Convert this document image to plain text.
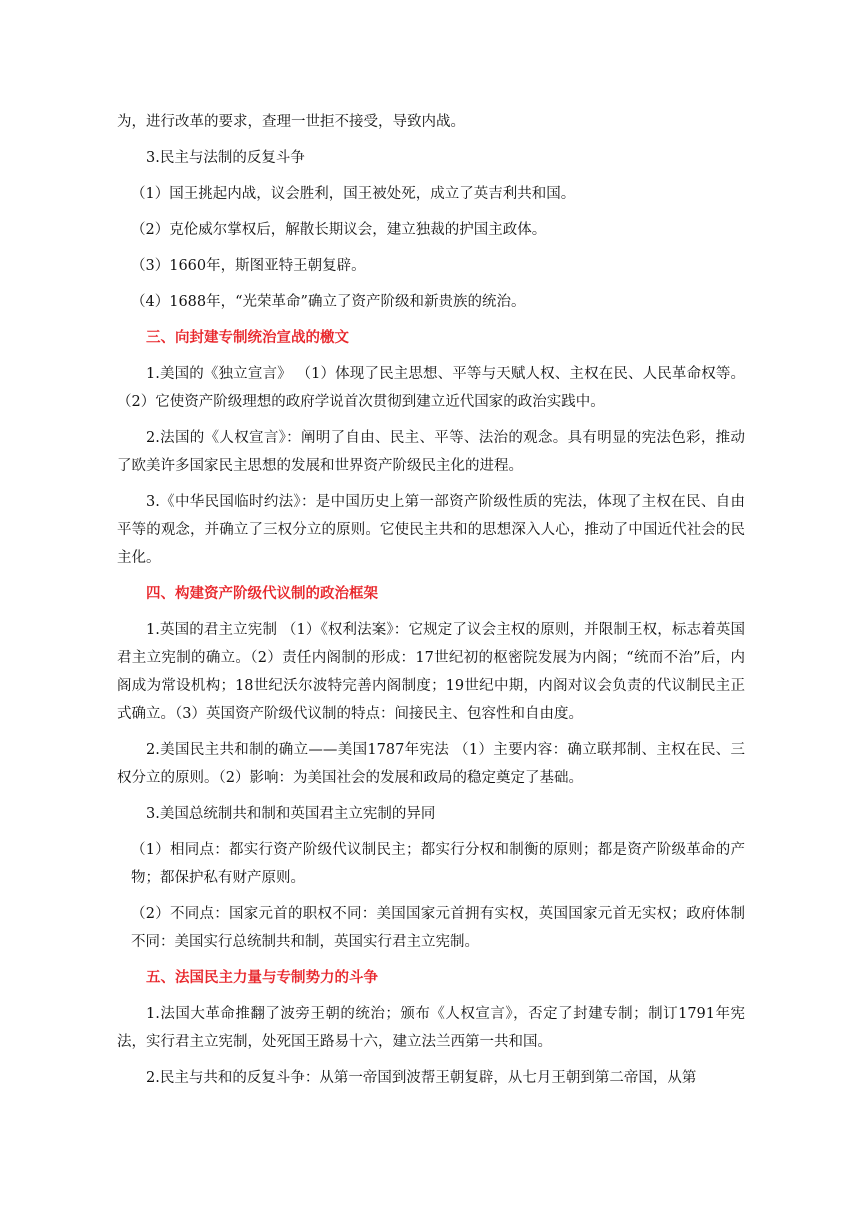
为，进行改革的要求，查理一世拒不接受，导致内战。

3.民主与法制的反复斗争

（1）国王挑起内战，议会胜利，国王被处死，成立了英吉利共和国。

（2）克伦威尔掌权后，解散长期议会，建立独裁的护国主政体。

（3）1660年，斯图亚特王朝复辟。

（4）1688年，“光荣革命”确立了资产阶级和新贵族的统治。

三、向封建专制统治宣战的檄文

1.美国的《独立宣言》 （1）体现了民主思想、平等与天赋人权、主权在民、人民革命权等。（2）它使资产阶级理想的政府学说首次贯彻到建立近代国家的政治实践中。

2.法国的《人权宣言》：阐明了自由、民主、平等、法治的观念。具有明显的宪法色彩，推动了欧美许多国家民主思想的发展和世界资产阶级民主化的进程。

3.《中华民国临时约法》：是中国历史上第一部资产阶级性质的宪法，体现了主权在民、自由平等的观念，并确立了三权分立的原则。它使民主共和的思想深入人心，推动了中国近代社会的民主化。

四、构建资产阶级代议制的政治框架

1.英国的君主立宪制 （1）《权利法案》：它规定了议会主权的原则，并限制王权，标志着英国君主立宪制的确立。（2）责任内阁制的形成：17世纪初的枢密院发展为内阁；“统而不治”后，内阁成为常设机构；18世纪沃尔波特完善内阁制度；19世纪中期，内阁对议会负责的代议制民主正式确立。（3）英国资产阶级代议制的特点：间接民主、包容性和自由度。

2.美国民主共和制的确立——美国1787年宪法 （1）主要内容：确立联邦制、主权在民、三权分立的原则。（2）影响：为美国社会的发展和政局的稳定奠定了基础。

3.美国总统制共和制和英国君主立宪制的异同

（1）相同点：都实行资产阶级代议制民主；都实行分权和制衡的原则；都是资产阶级革命的产物；都保护私有财产原则。

（2）不同点：国家元首的职权不同：美国国家元首拥有实权，英国国家元首无实权；政府体制不同：美国实行总统制共和制，英国实行君主立宪制。

五、法国民主力量与专制势力的斗争

1.法国大革命推翻了波旁王朝的统治；颁布《人权宣言》，否定了封建专制；制订1791年宪法，实行君主立宪制，处死国王路易十六，建立法兰西第一共和国。

2.民主与共和的反复斗争：从第一帝国到波帮王朝复辟，从七月王朝到第二帝国，从第
